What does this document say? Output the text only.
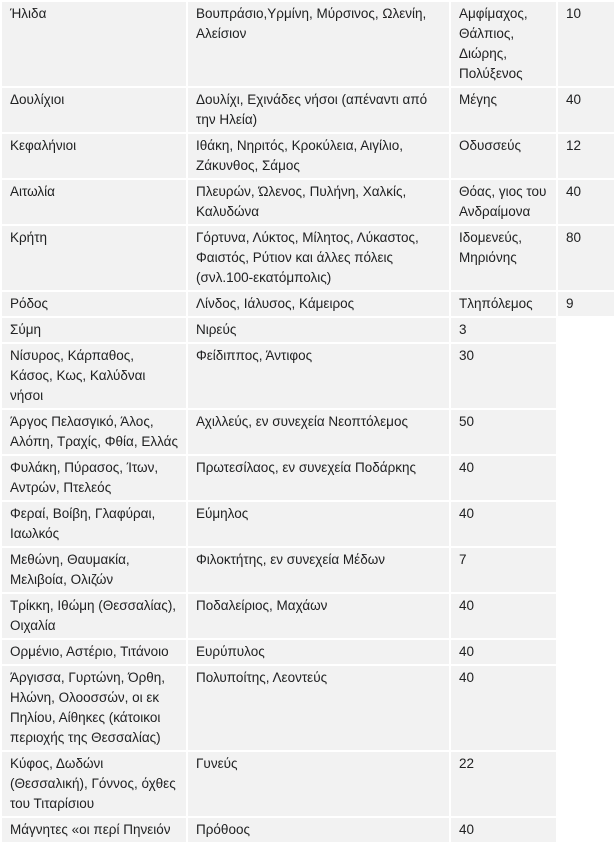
Ήλιδα	Βουπράσιο,Υρμίνη, Μύρσινος, Ωλενίη, Αλείσιον	Αμφίμαχος, Θάλπιος, Διώρης, Πολύξενος	10
Δουλίχιοι	Δουλίχι, Εχινάδες νήσοι (απέναντι από την Ηλεία)	Μέγης	40
Κεφαλήνιοι	Ιθάκη, Νηριτός, Κροκύλεια, Αιγίλιο, Ζάκυνθος, Σάμος	Οδυσσεύς	12
Αιτωλία	Πλευρών, Ώλενος, Πυλήνη, Χαλκίς, Καλυδώνα	Θόας, γιος του Ανδραίμονα	40
Κρήτη	Γόρτυνα, Λύκτος, Μίλητος, Λύκαστος, Φαιστός, Ρύτιον και άλλες πόλεις (σνλ.100-εκατόμπολις)	Ιδομενεύς, Μηριόνης	80
Ρόδος	Λίνδος, Ιάλυσος, Κάμειρος	Τληπόλεμος	9
Σύμη	Νιρεύς	3	
Νίσυρος, Κάρπαθος, Κάσος, Κως, Καλύδναι νήσοι	Φείδιππος, Άντιφος	30	
Άργος Πελασγικό, Άλος, Αλόπη, Τραχίς, Φθία, Ελλάς	Αχιλλεύς, εν συνεχεία Νεοπτόλεμος	50	
Φυλάκη, Πύρασος, Ίτων, Αντρών, Πτελεός	Πρωτεσίλαος, εν συνεχεία Ποδάρκης	40	
Φεραί, Βοίβη, Γλαφύραι, Ιαωλκός	Εύμηλος	40	
Μεθώνη, Θαυμακία, Μελιβοία, Ολιζών	Φιλοκτήτης, εν συνεχεία Μέδων	7	
Τρίκκη, Ιθώμη (Θεσσαλίας), Οιχαλία	Ποδαλείριος, Μαχάων	40	
Ορμένιο, Αστέριο, Τιτάνοιο	Ευρύπυλος	40	
Άργισσα, Γυρτώνη, Όρθη, Ηλώνη, Ολοοσσών, οι εκ Πηλίου, Αίθηκες (κάτοικοι περιοχής της Θεσσαλίας)	Πολυποίτης, Λεοντεύς	40	
Κύφος, Δωδώνι (Θεσσαλική), Γόννος, όχθες του Τιταρίσιου	Γυνεύς	22	
Μάγνητες «οι περί Πηνειόν	Πρόθοος	40	
